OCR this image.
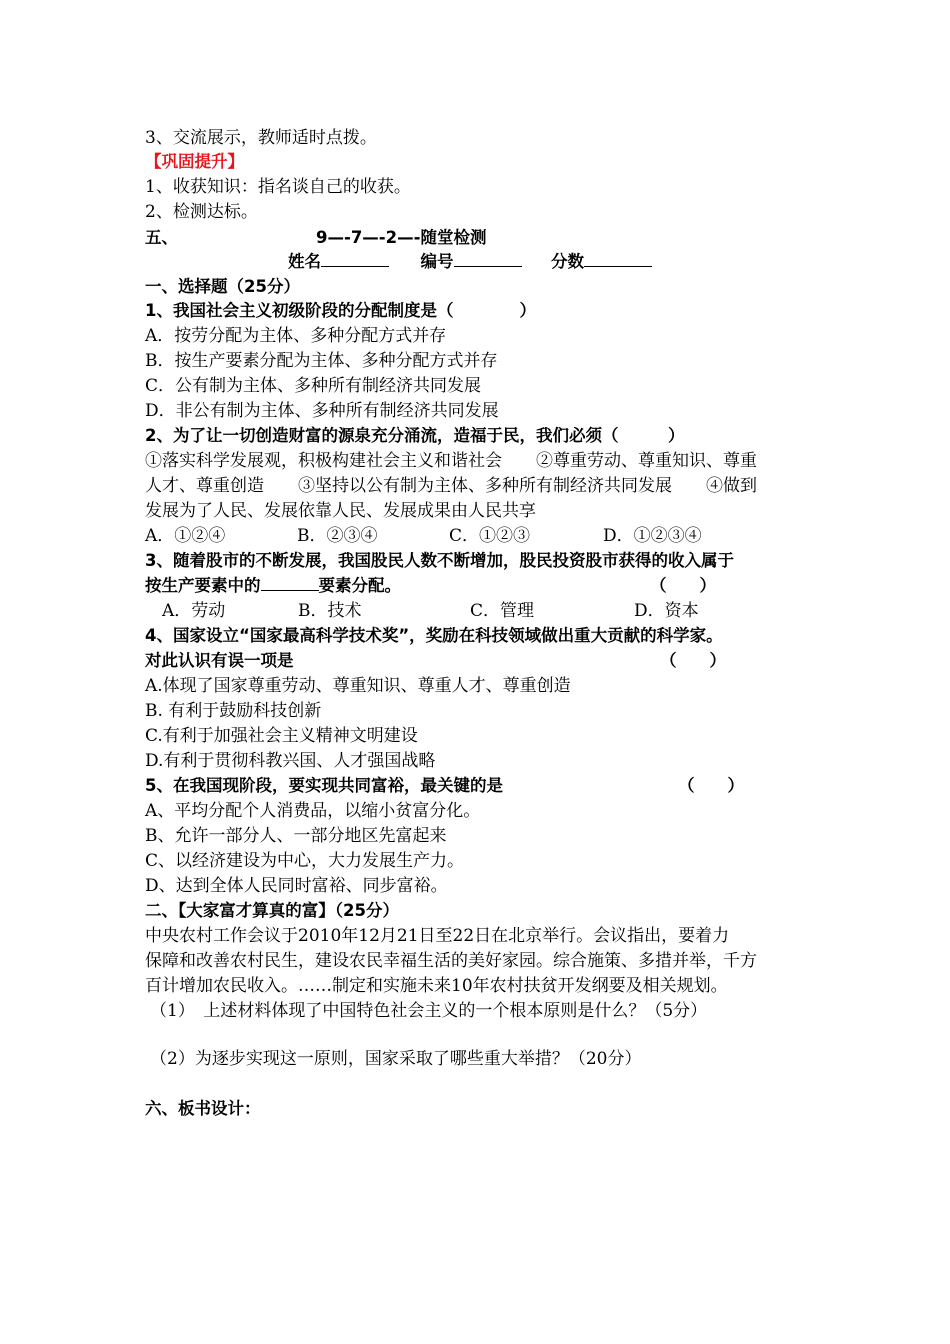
3、交流展示，教师适时点拨。
【巩固提升】
1、收获知识：指名谈自己的收获。
2、检测达标。
五、	9—-7—-2—-随堂检测
姓名	编号	分数
一、选择题（25分）
1、我国社会主义初级阶段的分配制度是（　　　　）
A．按劳分配为主体、多种分配方式并存
B．按生产要素分配为主体、多种分配方式并存
C．公有制为主体、多种所有制经济共同发展
D．非公有制为主体、多种所有制经济共同发展
2、为了让一切创造财富的源泉充分涌流，造福于民，我们必须（　　　）
①落实科学发展观，积极构建社会主义和谐社会　　②尊重劳动、尊重知识、尊重
人才、尊重创造　　③坚持以公有制为主体、多种所有制经济共同发展　　④做到
发展为了人民、发展依靠人民、发展成果由人民共享
A．①②④	B．②③④	C．①②③	D．①②③④
3、随着股市的不断发展，我国股民人数不断增加，股民投资股市获得的收入属于
按生产要素中的	要素分配。	（　　）
A．劳动	B．技术	C．管理	D．资本
4、国家设立“国家最高科学技术奖”，奖励在科技领域做出重大贡献的科学家。
对此认识有误一项是	（　　）
A.体现了国家尊重劳动、尊重知识、尊重人才、尊重创造
B. 有利于鼓励科技创新
C.有利于加强社会主义精神文明建设
D.有利于贯彻科教兴国、人才强国战略
5、在我国现阶段，要实现共同富裕，最关键的是	（　　）
A、平均分配个人消费品，以缩小贫富分化。
B、允许一部分人、一部分地区先富起来
C、以经济建设为中心，大力发展生产力。
D、达到全体人民同时富裕、同步富裕。
二、【大家富才算真的富】（25分）
中央农村工作会议于2010年12月21日至22日在北京举行。会议指出，要着力
保障和改善农村民生，建设农民幸福生活的美好家园。综合施策、多措并举，千方
百计增加农民收入。……制定和实施未来10年农村扶贫开发纲要及相关规划。
（1）　上述材料体现了中国特色社会主义的一个根本原则是什么？（5分）
（2）为逐步实现这一原则，国家采取了哪些重大举措？（20分）
六、板书设计：
